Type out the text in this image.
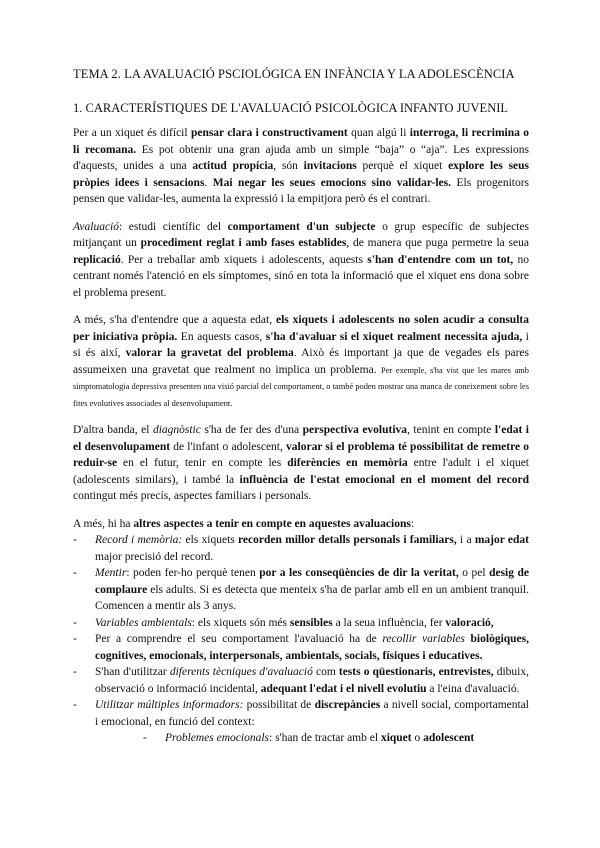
TEMA 2. LA AVALUACIÓ PSCIOLÓGICA EN INFÀNCIA Y LA ADOLESCÈNCIA
1. CARACTERÍSTIQUES DE L'AVALUACIÓ PSICOLÒGICA INFANTO JUVENIL

Per a un xiquet és difícil pensar clara i constructivament quan algú li interroga, li recrimina o li recomana. Es pot obtenir una gran ajuda amb un simple “baja” o “aja”. Les expressions d'aquests, unides a una actitud propícia, són invitacions perquè el xiquet explore les seus pròpies idees i sensacions. Mai negar les seues emocions sino validar-les. Els progenitors pensen que validar-les, aumenta la expressió i la empitjora però és el contrari.

Avaluació: estudi científic del comportament d'un subjecte o grup específic de subjectes mitjançant un procediment reglat i amb fases establides, de manera que puga permetre la seua replicació. Per a treballar amb xiquets i adolescents, aquests s'han d'entendre com un tot, no centrant només l'atenció en els símptomes, sinó en tota la informació que el xiquet ens dona sobre el problema present.

A més, s'ha d'entendre que a aquesta edat, els xiquets i adolescents no solen acudir a consulta per iniciativa pròpia. En aquests casos, s'ha d'avaluar si el xiquet realment necessita ajuda, i si és així, valorar la gravetat del problema. Això és important ja que de vegades els pares assumeixen una gravetat que realment no implica un problema. Per exemple, s'ha vist que les mares amb simptomatologia depressiva presenten una visió parcial del comportament, o també poden mostrar una manca de coneixement sobre les fites evolutives associades al desenvolupament.

D'altra banda, el diagnòstic s'ha de fer des d'una perspectiva evolutiva, tenint en compte l'edat i el desenvolupament de l'infant o adolescent, valorar si el problema té possibilitat de remetre o reduir-se en el futur, tenir en compte les diferències en memòria entre l'adult i el xiquet (adolescents similars), i també la influència de l'estat emocional en el moment del record contingut més precís, aspectes familiars i personals.

A més, hi ha altres aspectes a tenir en compte en aquestes avaluacions:

- Record i memòria: els xiquets recorden millor detalls personals i familiars, i a major edat major precisió del record.
- Mentir: poden fer-ho perquè tenen por a les conseqüències de dir la veritat, o pel desig de complaure els adults. Si es detecta que menteix s'ha de parlar amb ell en un ambient tranquil. Comencen a mentir als 3 anys.
- Variables ambientals: els xiquets són més sensibles a la seua influència, fer valoració,
- Per a comprendre el seu comportament l'avaluació ha de recollir variables biològiques, cognitives, emocionals, interpersonals, ambientals, socials, físiques i educatives.
- S'han d'utilitzar diferents tècniques d'avaluació com tests o qüestionaris, entrevistes, dibuix, observació o informació incidental, adequant l'edat i el nivell evolutiu a l'eina d'avaluació.
- Utilitzar múltiples informadors: possibilitat de discrepàncies a nivell social, comportamental i emocional, en funció del context:
- Problemes emocionals: s'han de tractar amb el xiquet o adolescent
